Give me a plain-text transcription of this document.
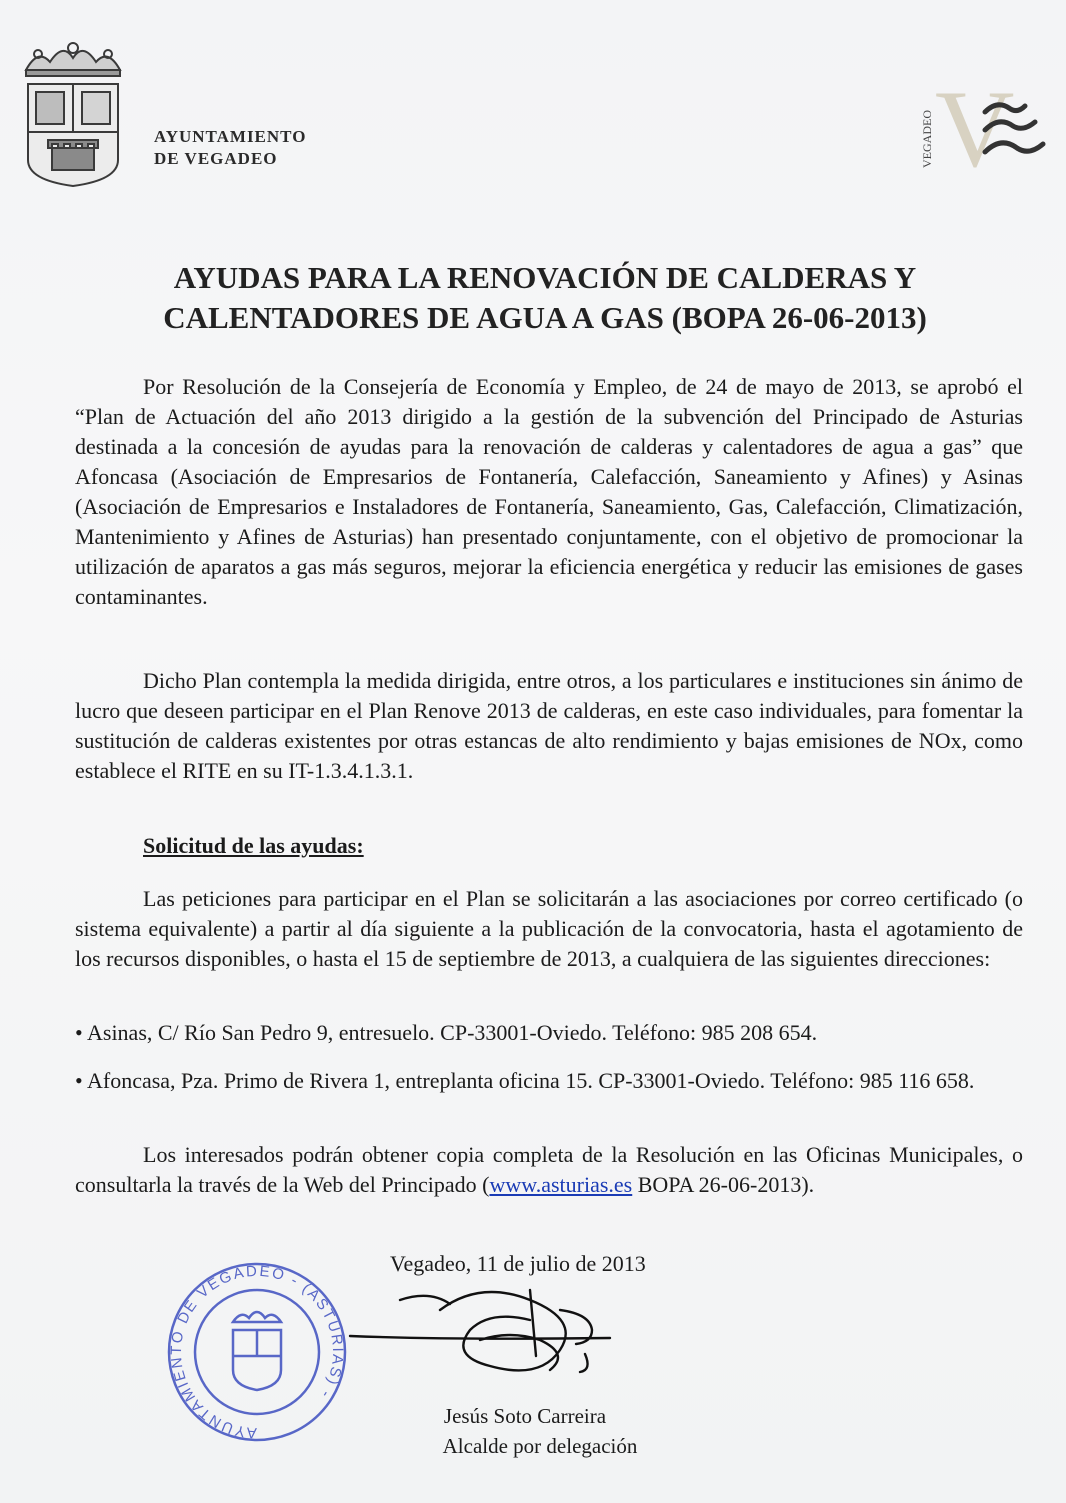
AYUNTAMIENTO
DE VEGADEO	VEGADEO V
AYUDAS PARA LA RENOVACIÓN DE CALDERAS Y
CALENTADORES DE AGUA A GAS (BOPA 26-06-2013)
Por Resolución de la Consejería de Economía y Empleo, de 24 de mayo de 2013, se aprobó el “Plan de Actuación del año 2013 dirigido a la gestión de la subvención del Principado de Asturias destinada a la concesión de ayudas para la renovación de calderas y calentadores de agua a gas” que Afoncasa (Asociación de Empresarios de Fontanería, Calefacción, Saneamiento y Afines) y Asinas (Asociación de Empresarios e Instaladores de Fontanería, Saneamiento, Gas, Calefacción, Climatización, Mantenimiento y Afines de Asturias) han presentado conjuntamente, con el objetivo de promocionar la utilización de aparatos a gas más seguros, mejorar la eficiencia energética y reducir las emisiones de gases contaminantes.
Dicho Plan contempla la medida dirigida, entre otros, a los particulares e instituciones sin ánimo de lucro que deseen participar en el Plan Renove 2013 de calderas, en este caso individuales, para fomentar la sustitución de calderas existentes por otras estancas de alto rendimiento y bajas emisiones de NOx, como establece el RITE en su IT-1.3.4.1.3.1.
Solicitud de las ayudas:
Las peticiones para participar en el Plan se solicitarán a las asociaciones por correo certificado (o sistema equivalente) a partir al día siguiente a la publicación de la convocatoria, hasta el agotamiento de los recursos disponibles, o hasta el 15 de septiembre de 2013, a cualquiera de las siguientes direcciones:
• Asinas, C/ Río San Pedro 9, entresuelo. CP-33001-Oviedo. Teléfono: 985 208 654.
• Afoncasa, Pza. Primo de Rivera 1, entreplanta oficina 15. CP-33001-Oviedo. Teléfono: 985 116 658.
Los interesados podrán obtener copia completa de la Resolución en las Oficinas Municipales, o consultarla la través de la Web del Principado (www.asturias.es BOPA 26-06-2013).
Vegadeo, 11 de julio de 2013
AYUNTAMIENTO DE VEGADEO - (ASTURIAS) -
Jesús Soto Carreira
Alcalde por delegación
